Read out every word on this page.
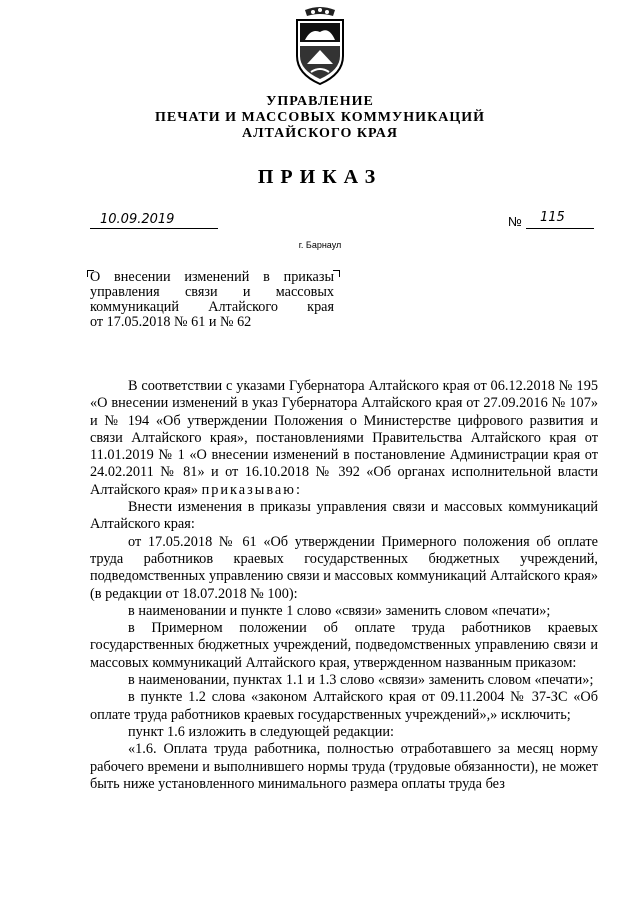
УПРАВЛЕНИЕ
ПЕЧАТИ И МАССОВЫХ КОММУНИКАЦИЙ
АЛТАЙСКОГО КРАЯ
ПРИКАЗ
10.09.2019	№ 115
г. Барнаул
О внесении изменений в приказы
управления связи и массовых
коммуникаций Алтайского края
от 17.05.2018 № 61 и № 62

В соответствии с указами Губернатора Алтайского края от 06.12.2018 № 195 «О внесении изменений в указ Губернатора Алтайского края от 27.09.2016 № 107» и № 194 «Об утверждении Положения о Министерстве цифрового развития и связи Алтайского края», постановлениями Правительства Алтайского края от 11.01.2019 № 1 «О внесении изменений в постановление Администрации края от 24.02.2011 № 81» и от 16.10.2018 № 392 «Об органах исполнительной власти Алтайского края» приказываю:

Внести изменения в приказы управления связи и массовых коммуникаций Алтайского края:

от 17.05.2018 № 61 «Об утверждении Примерного положения об оплате труда работников краевых государственных бюджетных учреждений, подведомственных управлению связи и массовых коммуникаций Алтайского края» (в редакции от 18.07.2018 № 100):

в наименовании и пункте 1 слово «связи» заменить словом «печати»;

в Примерном положении об оплате труда работников краевых государственных бюджетных учреждений, подведомственных управлению связи и массовых коммуникаций Алтайского края, утвержденном названным приказом:

в наименовании, пунктах 1.1 и 1.3 слово «связи» заменить словом «печати»;

в пункте 1.2 слова «законом Алтайского края от 09.11.2004 № 37-ЗС «Об оплате труда работников краевых государственных учреждений»,» исключить;

пункт 1.6 изложить в следующей редакции:

«1.6. Оплата труда работника, полностью отработавшего за месяц норму рабочего времени и выполнившего нормы труда (трудовые обязанности), не может быть ниже установленного минимального размера оплаты труда без
